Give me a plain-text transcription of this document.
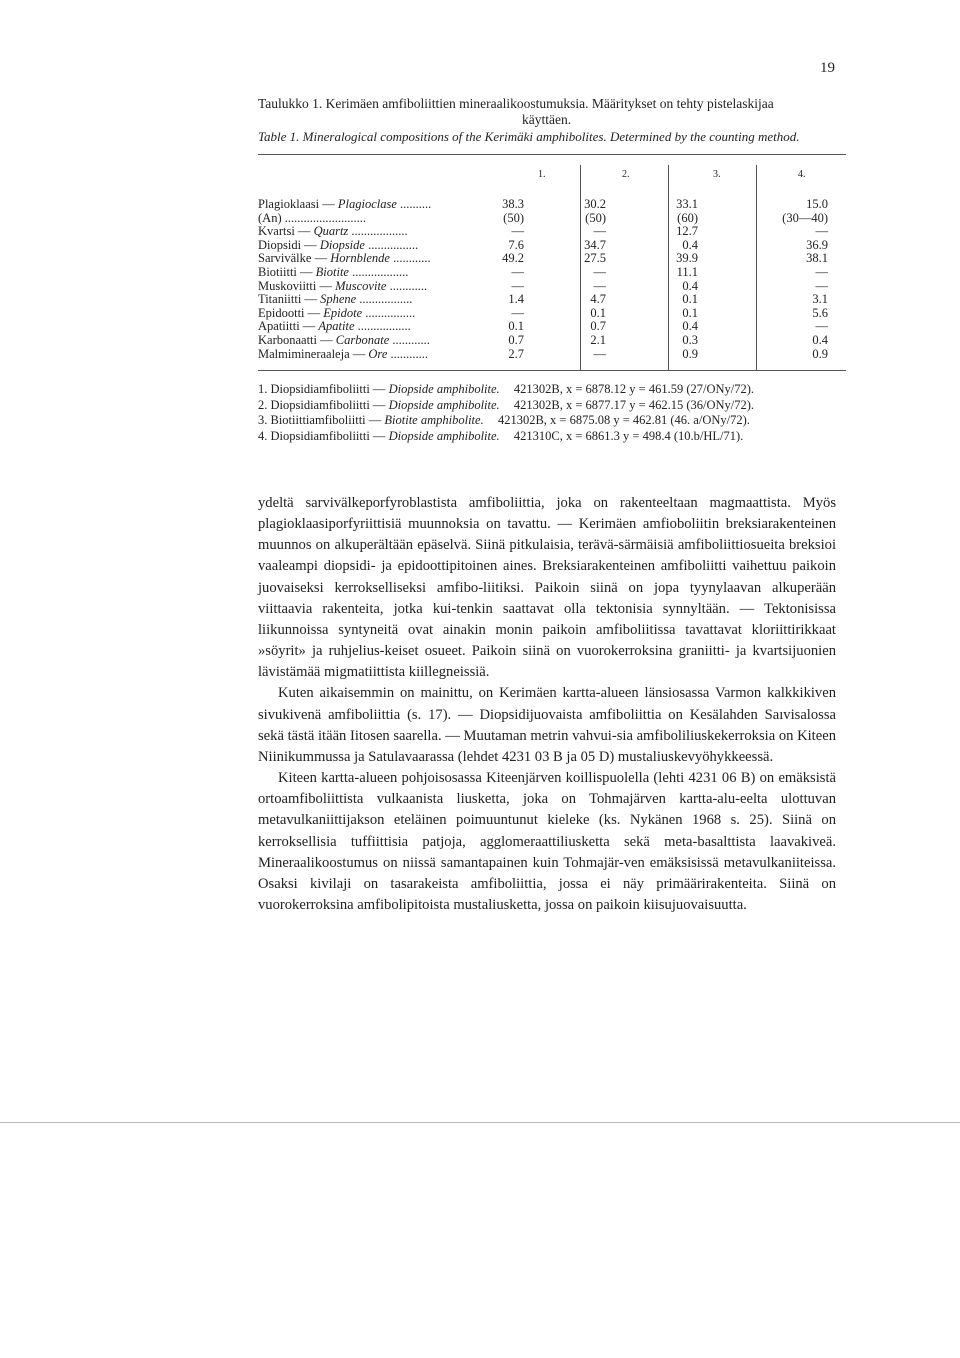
19
Taulukko 1. Kerimäen amfiboliittien mineraalikoostumuksia. Määritykset on tehty pistelaskijaa
käyttäen.
Table 1. Mineralogical compositions of the Kerimäki amphibolites. Determined by the counting method.
1.	2.	3.	4.
Plagioklaasi — Plagioclase ..........	38.3	30.2	33.1	15.0
(An) ..........................	(50)	(50)	(60)	(30—40)
Kvartsi — Quartz ..................	—	—	12.7	—
Diopsidi — Diopside ................	7.6	34.7	0.4	36.9
Sarvivälke — Hornblende ............	49.2	27.5	39.9	38.1
Biotiitti — Biotite ..................	—	—	11.1	—
Muskoviitti — Muscovite ............	—	—	0.4	—
Titaniitti — Sphene .................	1.4	4.7	0.1	3.1
Epidootti — Epidote ................	—	0.1	0.1	5.6
Apatiitti — Apatite .................	0.1	0.7	0.4	—
Karbonaatti — Carbonate ............	0.7	2.1	0.3	0.4
Malmimineraaleja — Ore ............	2.7	—	0.9	0.9
1. Diopsidiamfiboliitti — Diopside amphibolite. 421302B, x = 6878.12 y = 461.59 (27/ONy/72).
2. Diopsidiamfiboliitti — Diopside amphibolite. 421302B, x = 6877.17 y = 462.15 (36/ONy/72).
3. Biotiittiamfiboliitti — Biotite amphibolite. 421302B, x = 6875.08 y = 462.81 (46. a/ONy/72).
4. Diopsidiamfiboliitti — Diopside amphibolite. 421310C, x = 6861.3 y = 498.4 (10.b/HL/71).

ydeltä sarvivälkeporfyroblastista amfiboliittia, joka on rakenteeltaan magmaattista. Myös plagioklaasiporfyriittisiä muunnoksia on tavattu. — Kerimäen amfioboliitin breksiarakenteinen muunnos on alkuperältään epäselvä. Siinä pitkulaisia, terävä-särmäisiä amfiboliittiosueita breksioi vaaleampi diopsidi- ja epidoottipitoinen aines. Breksiarakenteinen amfiboliitti vaihettuu paikoin juovaiseksi kerrokselliseksi amfibo-liitiksi. Paikoin siinä on jopa tyynylaavan alkuperään viittaavia rakenteita, jotka kui-tenkin saattavat olla tektonisia synnyltään. — Tektonisissa liikunnoissa syntyneitä ovat ainakin monin paikoin amfiboliitissa tavattavat kloriittirikkaat »söyrit» ja ruhjelius-keiset osueet. Paikoin siinä on vuorokerroksina graniitti- ja kvartsijuonien lävistämää migmatiittista kiillegneissiä.

Kuten aikaisemmin on mainittu, on Kerimäen kartta-alueen länsiosassa Varmon kalkkikiven sivukivenä amfiboliittia (s. 17). — Diopsidijuovaista amfiboliittia on Kesälahden Saıvisalossa sekä tästä itään Iitosen saarella. — Muutaman metrin vahvui-sia amfiboliliuskekerroksia on Kiteen Niinikummussa ja Satulavaarassa (lehdet 4231 03 B ja 05 D) mustaliuskevyöhykkeessä.

Kiteen kartta-alueen pohjoisosassa Kiteenjärven koillispuolella (lehti 4231 06 B) on emäksistä ortoamfiboliittista vulkaanista liusketta, joka on Tohmajärven kartta-alu-eelta ulottuvan metavulkaniittijakson eteläinen poimuuntunut kieleke (ks. Nykänen 1968 s. 25). Siinä on kerroksellisia tuffiittisia patjoja, agglomeraattiliusketta sekä meta-basalttista laavakiveä. Mineraalikoostumus on niissä samantapainen kuin Tohmajär-ven emäksisissä metavulkaniiteissa. Osaksi kivilaji on tasarakeista amfiboliittia, jossa ei näy primäärirakenteita. Siinä on vuorokerroksina amfibolipitoista mustaliusketta, jossa on paikoin kiisujuovaisuutta.
